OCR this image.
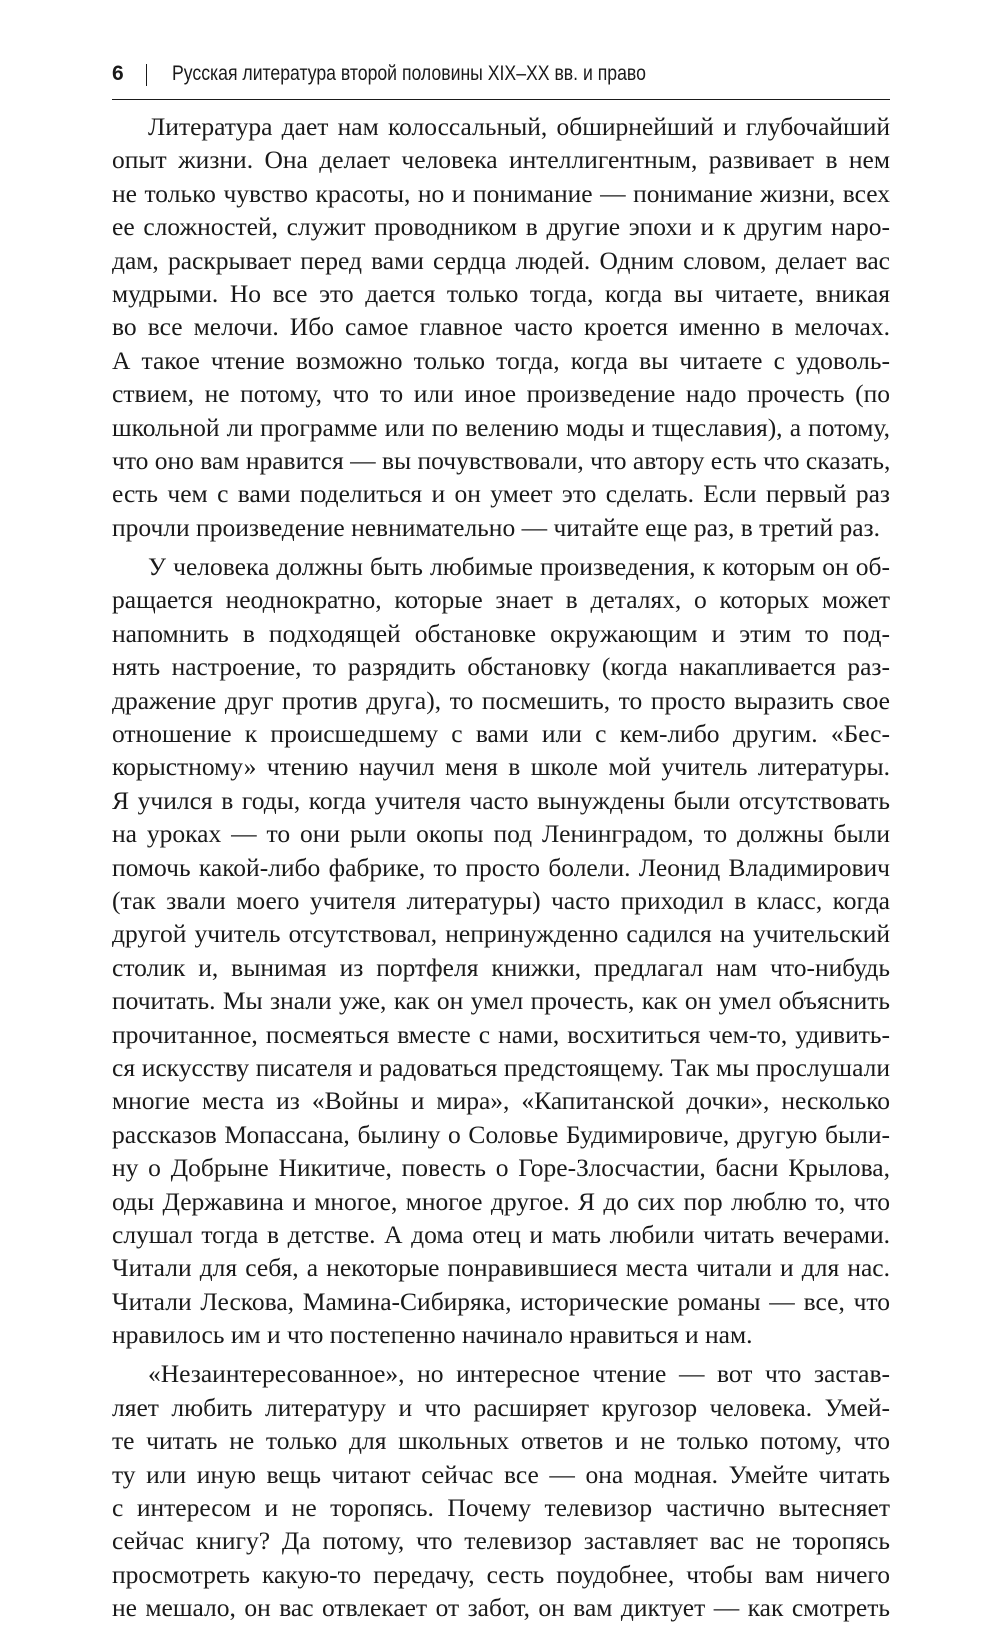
6 Русская литература второй половины XIX–XX вв. и право
Литература дает нам колоссальный, обширнейший и глубочайший
опыт жизни. Она делает человека интеллигентным, развивает в нем
не только чувство красоты, но и понимание — понимание жизни, всех
ее сложностей, служит проводником в другие эпохи и к другим наро-
дам, раскрывает перед вами сердца людей. Одним словом, делает вас
мудрыми. Но все это дается только тогда, когда вы читаете, вникая
во все мелочи. Ибо самое главное часто кроется именно в мелочах.
А такое чтение возможно только тогда, когда вы читаете с удоволь-
ствием, не потому, что то или иное произведение надо прочесть (по
школьной ли программе или по велению моды и тщеславия), а потому,
что оно вам нравится — вы почувствовали, что автору есть что сказать,
есть чем с вами поделиться и он умеет это сделать. Если первый раз
прочли произведение невнимательно — читайте еще раз, в третий раз.
У человека должны быть любимые произведения, к которым он об-
ращается неоднократно, которые знает в деталях, о которых может
напомнить в подходящей обстановке окружающим и этим то под-
нять настроение, то разрядить обстановку (когда накапливается раз-
дражение друг против друга), то посмешить, то просто выразить свое
отношение к происшедшему с вами или с кем-либо другим. «Бес-
корыстному» чтению научил меня в школе мой учитель литературы.
Я учился в годы, когда учителя часто вынуждены были отсутствовать
на уроках — то они рыли окопы под Ленинградом, то должны были
помочь какой-либо фабрике, то просто болели. Леонид Владимирович
(так звали моего учителя литературы) часто приходил в класс, когда
другой учитель отсутствовал, непринужденно садился на учительский
столик и, вынимая из портфеля книжки, предлагал нам что-нибудь
почитать. Мы знали уже, как он умел прочесть, как он умел объяснить
прочитанное, посмеяться вместе с нами, восхититься чем-то, удивить-
ся искусству писателя и радоваться предстоящему. Так мы прослушали
многие места из «Войны и мира», «Капитанской дочки», несколько
рассказов Мопассана, былину о Соловье Будимировиче, другую были-
ну о Добрыне Никитиче, повесть о Горе-Злосчастии, басни Крылова,
оды Державина и многое, многое другое. Я до сих пор люблю то, что
слушал тогда в детстве. А дома отец и мать любили читать вечерами.
Читали для себя, а некоторые понравившиеся места читали и для нас.
Читали Лескова, Мамина-Сибиряка, исторические романы — все, что
нравилось им и что постепенно начинало нравиться и нам.
«Незаинтересованное», но интересное чтение — вот что застав-
ляет любить литературу и что расширяет кругозор человека. Умей-
те читать не только для школьных ответов и не только потому, что
ту или иную вещь читают сейчас все — она модная. Умейте читать
с интересом и не торопясь. Почему телевизор частично вытесняет
сейчас книгу? Да потому, что телевизор заставляет вас не торопясь
просмотреть какую-то передачу, сесть поудобнее, чтобы вам ничего
не мешало, он вас отвлекает от забот, он вам диктует — как смотреть
